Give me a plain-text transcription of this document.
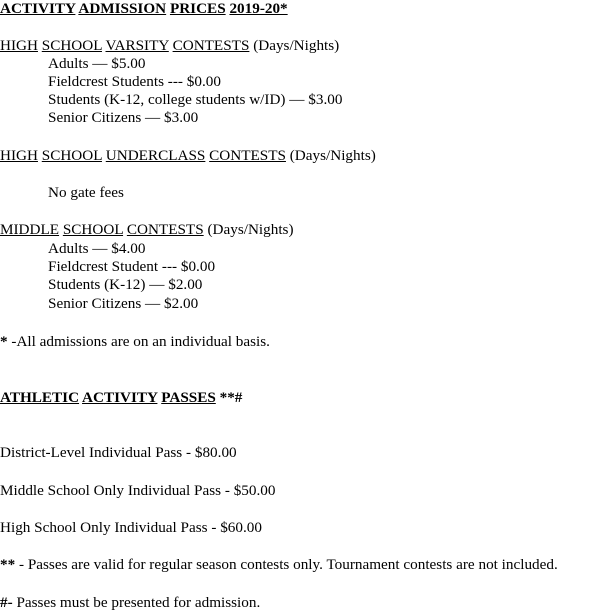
ACTIVITY ADMISSION PRICES 2019-20*
HIGH SCHOOL VARSITY CONTESTS (Days/Nights)
Adults — $5.00
Fieldcrest Students --- $0.00
Students (K-12, college students w/ID) — $3.00
Senior Citizens — $3.00
HIGH SCHOOL UNDERCLASS CONTESTS (Days/Nights)
No gate fees
MIDDLE SCHOOL CONTESTS (Days/Nights)
Adults — $4.00
Fieldcrest Student --- $0.00
Students (K-12) — $2.00
Senior Citizens — $2.00
* -All admissions are on an individual basis.
ATHLETIC ACTIVITY PASSES **#
District-Level Individual Pass - $80.00
Middle School Only Individual Pass - $50.00
High School Only Individual Pass - $60.00
** - Passes are valid for regular season contests only. Tournament contests are not included.
#- Passes must be presented for admission.
